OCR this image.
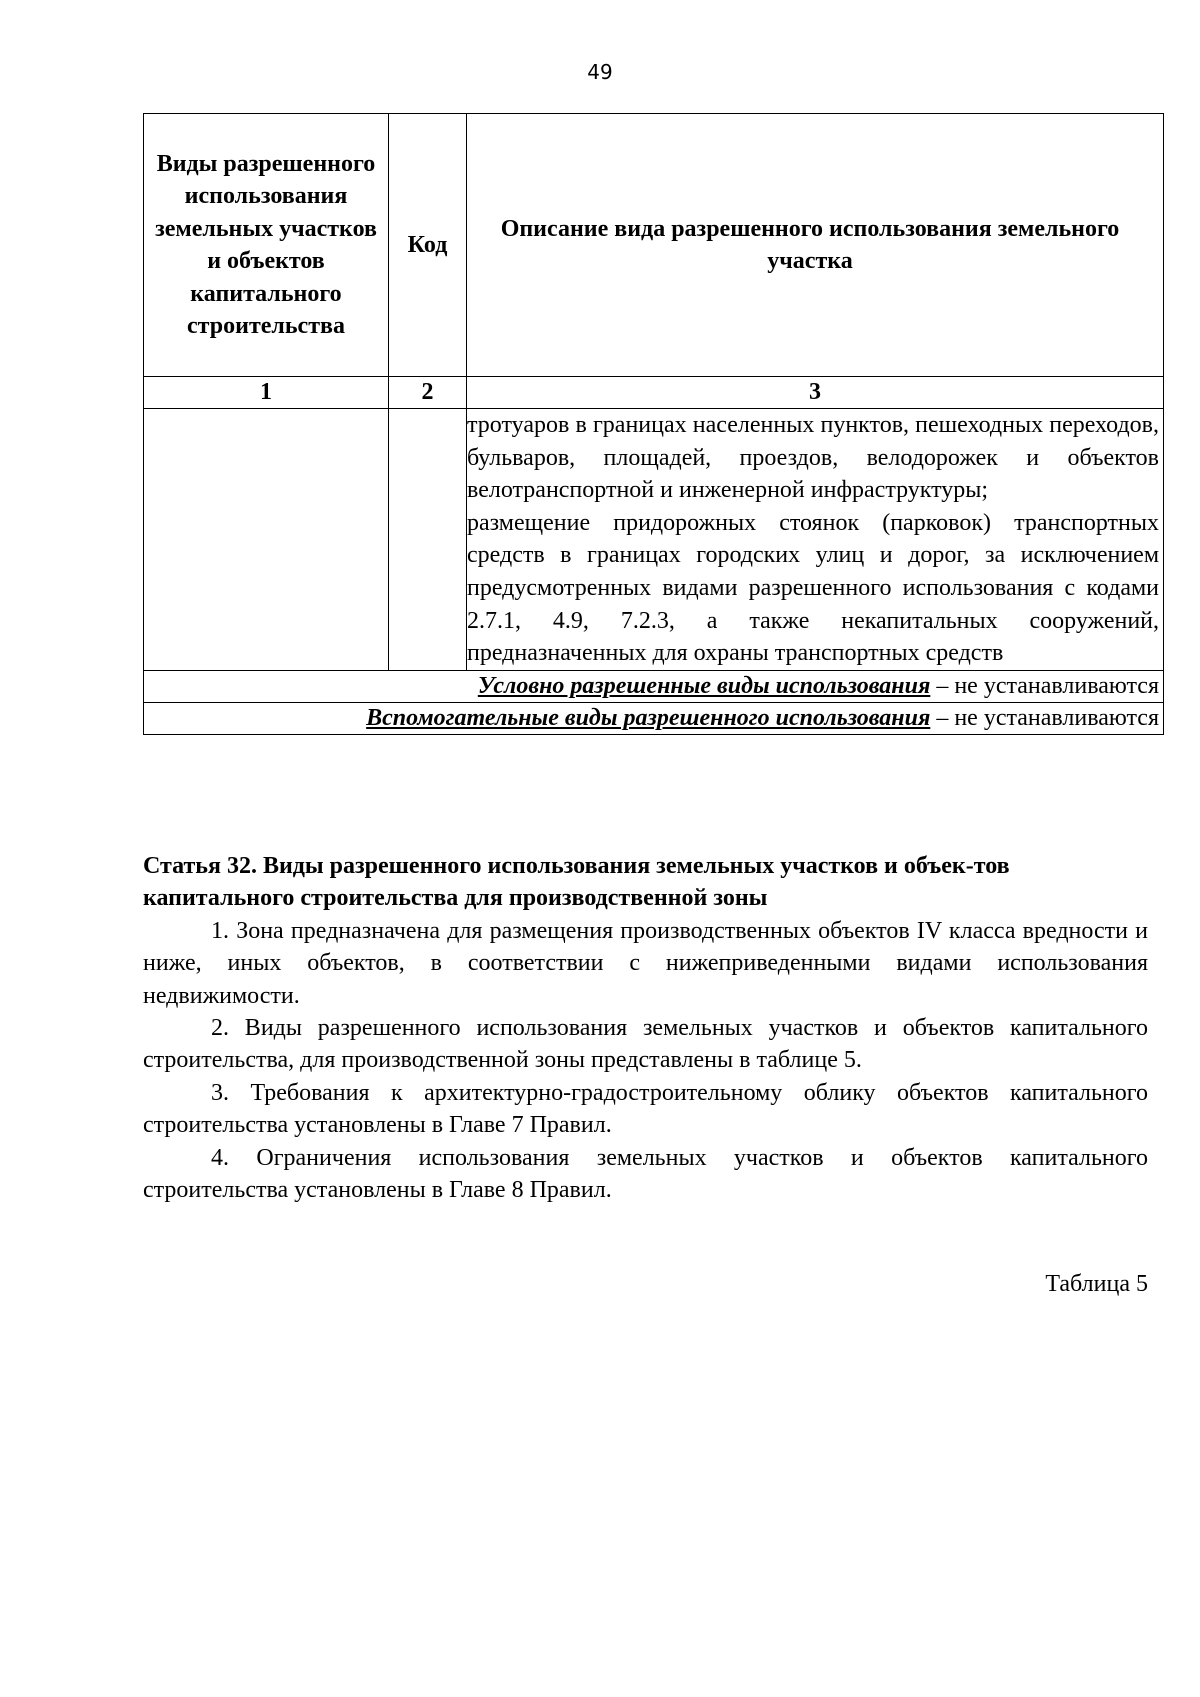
49
Виды разрешенного использования земельных участков и объектов капитального строительства	Код	Описание вида разрешенного использования земельного участка

1	2	3

		тротуаров в границах населенных пунктов, пешеходных переходов, бульваров, площадей, проездов, велодорожек и объектов велотранспортной и инженерной инфраструктуры;

размещение придорожных стоянок (парковок) транспортных средств в границах городских улиц и дорог, за исключением предусмотренных видами разрешенного использования с кодами 2.7.1, 4.9, 7.2.3, а также некапитальных сооружений, предназначенных для охраны транспортных средств

Условно разрешенные виды использования – не устанавливаются		
Вспомогательные виды разрешенного использования – не устанавливаются		
Статья 32. Виды разрешенного использования земельных участков и объек-тов капитального строительства для производственной зоны

1. Зона предназначена для размещения производственных объектов IV класса вредности и ниже, иных объектов, в соответствии с нижеприведенными видами использования недвижимости.

2. Виды разрешенного использования земельных участков и объектов капитального строительства, для производственной зоны представлены в таблице 5.

3. Требования к архитектурно-градостроительному облику объектов капитального строительства установлены в Главе 7 Правил.

4. Ограничения использования земельных участков и объектов капитального строительства установлены в Главе 8 Правил.

Таблица 5
